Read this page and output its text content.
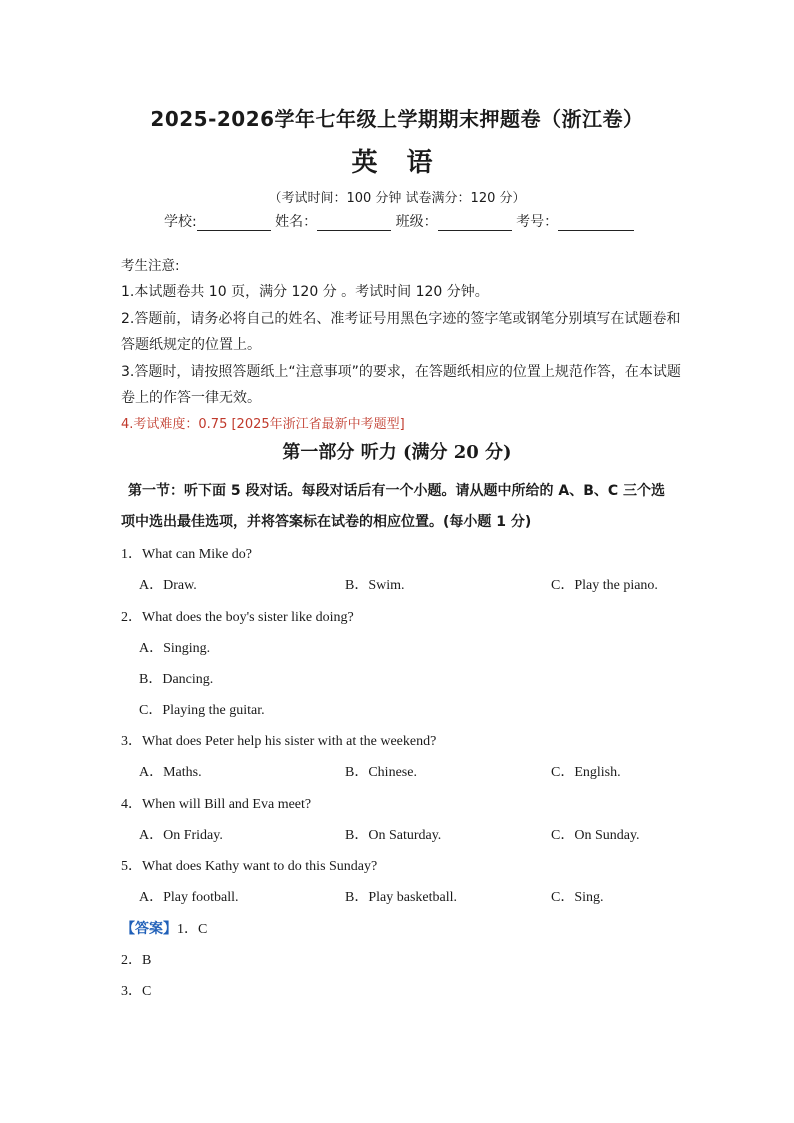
2025-2026学年七年级上学期期末押题卷（浙江卷）
英 语
（考试时间：100 分钟 试卷满分：120 分）
学校:	姓名：	班级：	考号：
考生注意:
1.本试题卷共 10 页，满分 120 分 。考试时间 120 分钟。
2.答题前，请务必将自己的姓名、准考证号用黑色字迹的签字笔或钢笔分别填写在试题卷和
答题纸规定的位置上。
3.答题时，请按照答题纸上“注意事项”的要求，在答题纸相应的位置上规范作答，在本试题
卷上的作答一律无效。
4.考试难度：0.75 [2025年浙江省最新中考题型]
第一部分 听力 (满分 20 分)
第一节：听下面 5 段对话。每段对话后有一个小题。请从题中所给的 A、B、C 三个选
项中选出最佳选项，并将答案标在试卷的相应位置。(每小题 1 分)
1．What can Mike do?
A．Draw.	B．Swim.	C．Play the piano.
2．What does the boy's sister like doing?
A．Singing.
B．Dancing.
C．Playing the guitar.
3．What does Peter help his sister with at the weekend?
A．Maths.	B．Chinese.	C．English.
4．When will Bill and Eva meet?
A．On Friday.	B．On Saturday.	C．On Sunday.
5．What does Kathy want to do this Sunday?
A．Play football.	B．Play basketball.	C．Sing.
【答案】1．C
2．B
3．C
